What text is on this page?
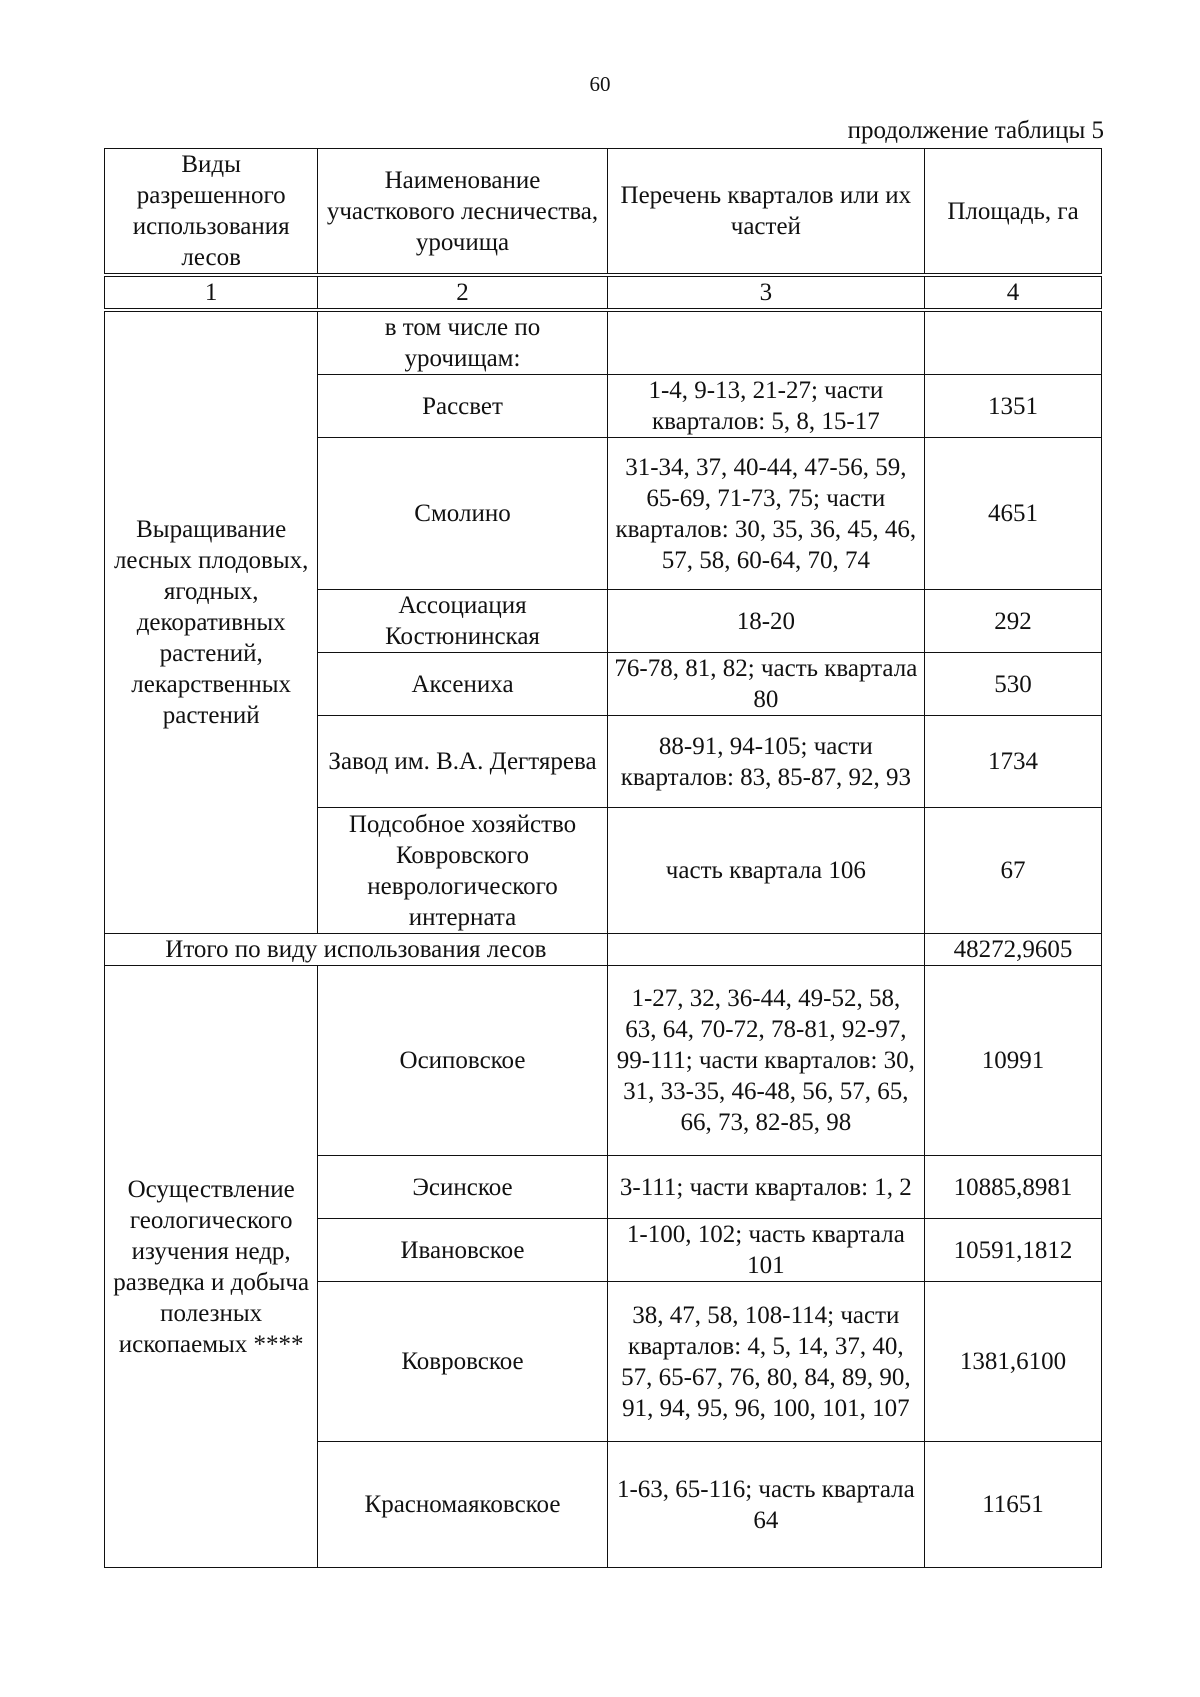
60
продолжение таблицы 5
Виды разрешенного использования лесов	Наименование участкового лесничества, урочища	Перечень кварталов или их частей	Площадь, га
1	2	3	4
Выращивание лесных плодовых, ягодных, декоративных растений, лекарственных растений	в том числе по урочищам:		
	Рассвет	1-4, 9-13, 21-27; части кварталов: 5, 8, 15-17	1351
	Смолино	31-34, 37, 40-44, 47-56, 59, 65-69, 71-73, 75; части кварталов: 30, 35, 36, 45, 46, 57, 58, 60-64, 70, 74	4651
	Ассоциация Костюнинская	18-20	292
	Аксениха	76-78, 81, 82; часть квартала 80	530
	Завод им. В.А. Дегтярева	88-91, 94-105; части кварталов: 83, 85-87, 92, 93	1734
	Подсобное хозяйство Ковровского неврологического интерната	часть квартала 106	67
Итого по виду использования лесов			48272,9605
Осуществление геологического изучения недр, разведка и добыча полезных ископаемых ****	Осиповское	1-27, 32, 36-44, 49-52, 58, 63, 64, 70-72, 78-81, 92-97, 99-111; части кварталов: 30, 31, 33-35, 46-48, 56, 57, 65, 66, 73, 82-85, 98	10991
	Эсинское	3-111; части кварталов: 1, 2	10885,8981
	Ивановское	1-100, 102; часть квартала 101	10591,1812
	Ковровское	38, 47, 58, 108-114; части кварталов: 4, 5, 14, 37, 40, 57, 65-67, 76, 80, 84, 89, 90, 91, 94, 95, 96, 100, 101, 107	1381,6100
	Красномаяковское	1-63, 65-116; часть квартала 64	11651
